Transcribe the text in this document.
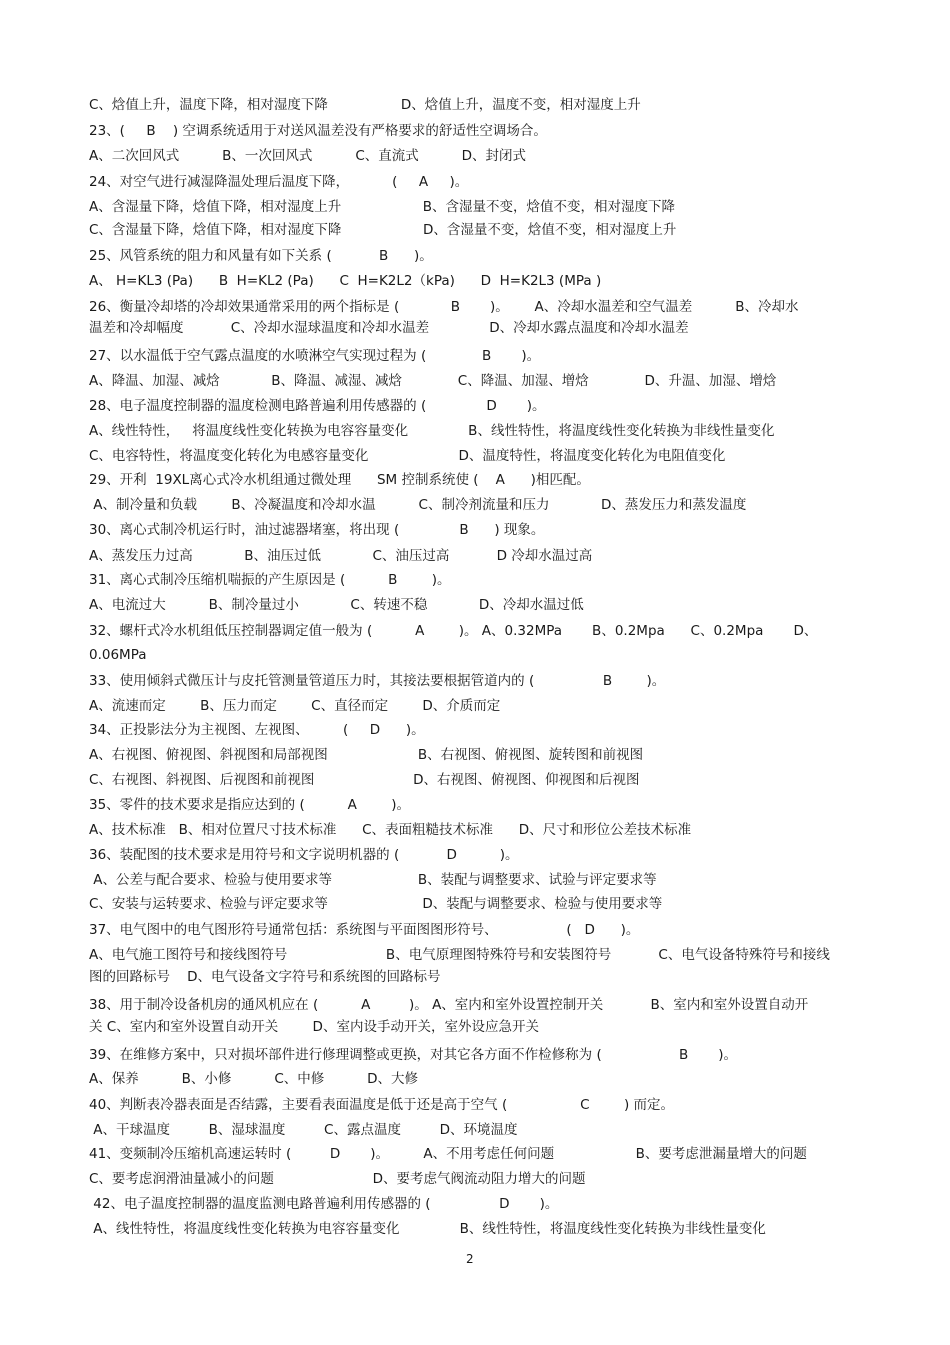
C、焓值上升，温度下降，相对湿度下降                 D、焓值上升，温度不变，相对湿度上升
23、(     B    ) 空调系统适用于对送风温差没有严格要求的舒适性空调场合。
A、二次回风式          B、一次回风式          C、直流式          D、封闭式
24、对空气进行减湿降温处理后温度下降，          (     A     )。
A、含湿量下降，焓值下降，相对湿度上升                   B、含湿量不变，焓值不变，相对湿度下降
C、含湿量下降，焓值下降，相对湿度下降                   D、含湿量不变，焓值不变，相对湿度上升
25、风管系统的阻力和风量有如下关系 (           B      )。
A、 H=KL3 (Pa)      B  H=KL2 (Pa)      C  H=K2L2（kPa)      D  H=K2L3 (MPa )
26、衡量冷却塔的冷却效果通常采用的两个指标是 (            B       )。      A、冷却水温差和空气温差          B、冷却水
温差和冷却幅度           C、冷却水湿球温度和冷却水温差              D、冷却水露点温度和冷却水温差
27、以水温低于空气露点温度的水喷淋空气实现过程为 (             B       )。
A、降温、加湿、减焓            B、降温、减湿、减焓             C、降温、加湿、增焓             D、升温、加湿、增焓
28、电子温度控制器的温度检测电路普遍利用传感器的 (              D       )。
A、线性特性，   将温度线性变化转换为电容容量变化              B、线性特性，将温度线性变化转换为非线性量变化
C、电容特性，将温度变化转化为电感容量变化                     D、温度特性，将温度变化转化为电阻值变化
29、开利  19XL离心式冷水机组通过微处理      SM 控制系统使 (    A      )相匹配。
A、制冷量和负载        B、冷凝温度和冷却水温          C、制冷剂流量和压力            D、蒸发压力和蒸发温度
30、离心式制冷机运行时，油过滤器堵塞，将出现 (              B      ) 现象。
A、蒸发压力过高            B、油压过低            C、油压过高           D 冷却水温过高
31、离心式制冷压缩机喘振的产生原因是 (          B        )。
A、电流过大          B、制冷量过小            C、转速不稳            D、冷却水温过低
32、螺杆式冷水机组低压控制器调定值一般为 (          A        )。 A、0.32MPa       B、0.2Mpa      C、0.2Mpa       D、
0.06MPa
33、使用倾斜式微压计与皮托管测量管道压力时，其接法要根据管道内的 (                B        )。
A、流速而定        B、压力而定        C、直径而定        D、介质而定
34、正投影法分为主视图、左视图、        (     D      )。
A、右视图、俯视图、斜视图和局部视图                     B、右视图、俯视图、旋转图和前视图
C、右视图、斜视图、后视图和前视图                       D、右视图、俯视图、仰视图和后视图
35、零件的技术要求是指应达到的 (          A        )。
A、技术标准   B、相对位置尺寸技术标准      C、表面粗糙技术标准      D、尺寸和形位公差技术标准
36、装配图的技术要求是用符号和文字说明机器的 (           D          )。
A、公差与配合要求、检验与使用要求等                    B、装配与调整要求、试验与评定要求等
C、安装与运转要求、检验与评定要求等                      D、装配与调整要求、检验与使用要求等
37、电气图中的电气图形符号通常包括：系统图与平面图图形符号、                (   D      )。
A、电气施工图符号和接线图符号                       B、电气原理图特殊符号和安装图符号           C、电气设备特殊符号和接线
图的回路标号    D、电气设备文字符号和系统图的回路标号
38、用于制冷设备机房的通风机应在 (          A         )。 A、室内和室外设置控制开关           B、室内和室外设置自动开
关 C、室内和室外设置自动开关        D、室内设手动开关，室外设应急开关
39、在维修方案中，只对损坏部件进行修理调整或更换，对其它各方面不作检修称为 (                  B       )。
A、保养          B、小修          C、中修          D、大修
40、判断表冷器表面是否结露，主要看表面温度是低于还是高于空气 (                 C        ) 而定。
A、干球温度         B、湿球温度         C、露点温度         D、环境温度
41、变频制冷压缩机高速运转时 (         D       )。        A、不用考虑任何问题                   B、要考虑泄漏量增大的问题
C、要考虑润滑油量减小的问题                       D、要考虑气阀流动阻力增大的问题
42、电子温度控制器的温度监测电路普遍利用传感器的 (                D       )。
A、线性特性，将温度线性变化转换为电容容量变化              B、线性特性，将温度线性变化转换为非线性量变化
2
